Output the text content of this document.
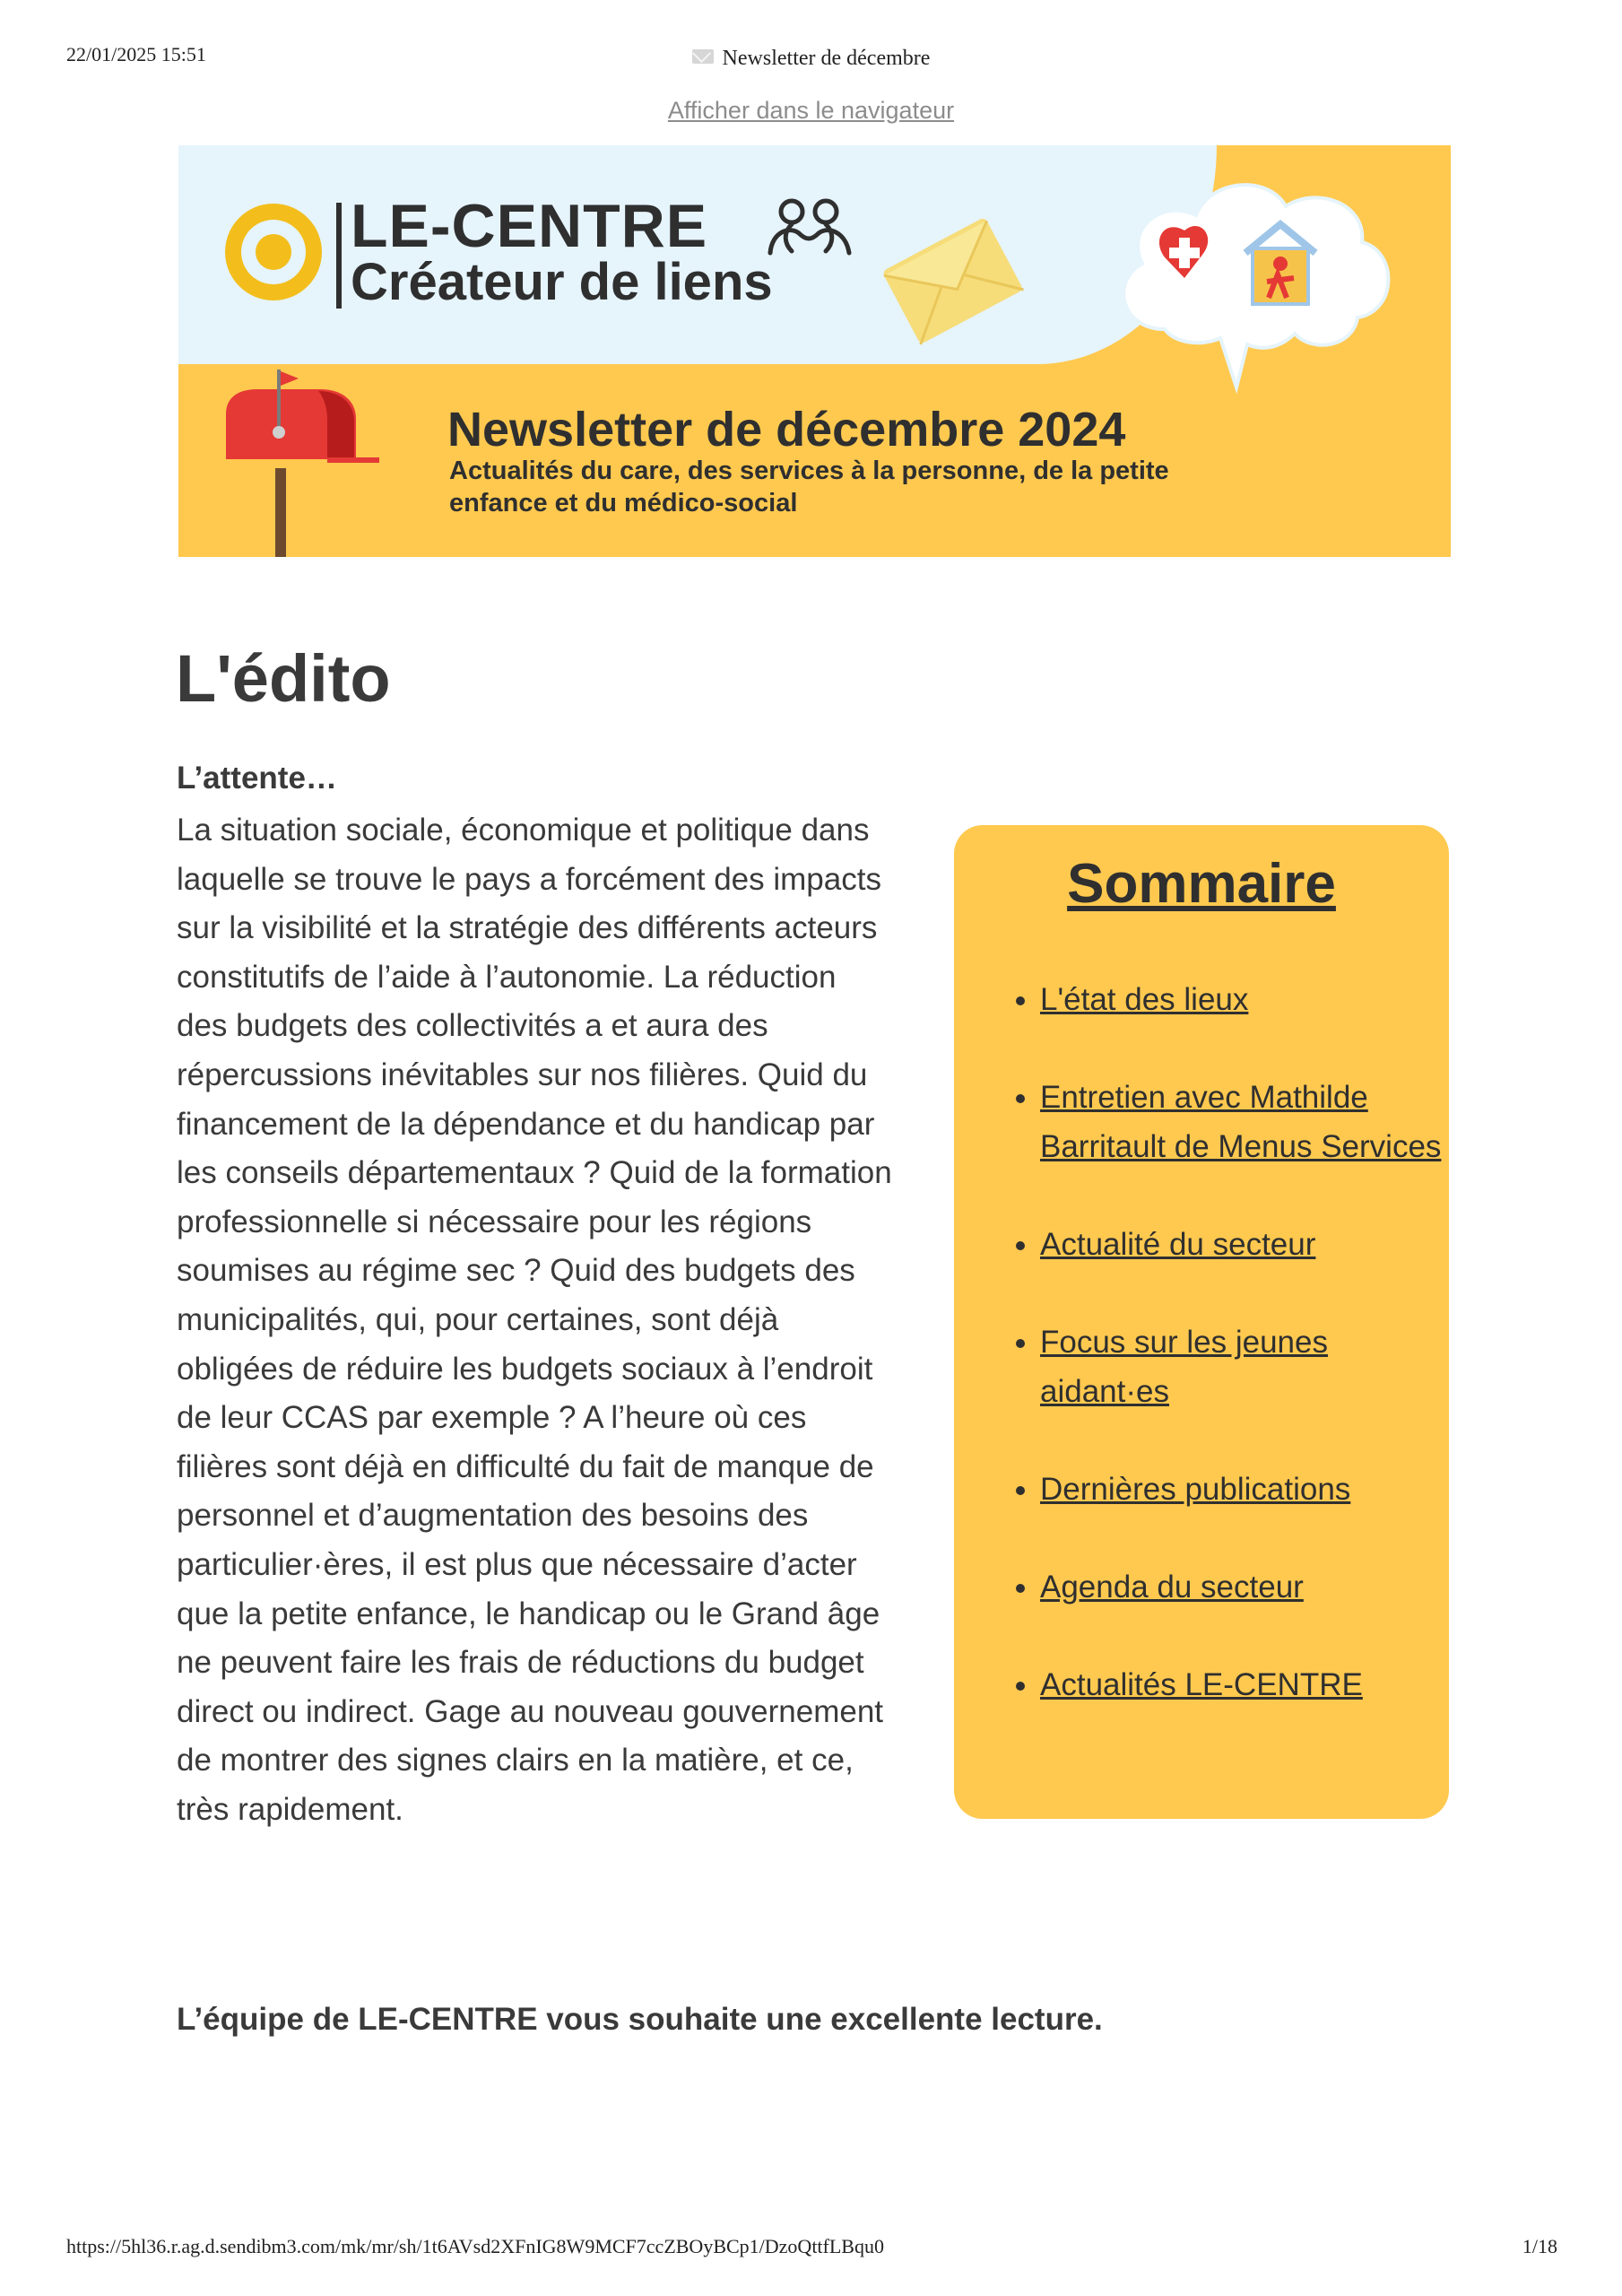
22/01/2025 15:51	Newsletter de décembre
Afficher dans le navigateur
LE-CENTRE
Créateur de liens
Newsletter de décembre 2024
Actualités du care, des services à la personne, de la petite enfance et du médico-social
L'édito
L’attente…
La situation sociale, économique et politique dans laquelle se trouve le pays a forcément des impacts sur la visibilité et la stratégie des différents acteurs constitutifs de l’aide à l’autonomie. La réduction des budgets des collectivités a et aura des répercussions inévitables sur nos filières. Quid du financement de la dépendance et du handicap par les conseils départementaux ? Quid de la formation professionnelle si nécessaire pour les régions soumises au régime sec ? Quid des budgets des municipalités, qui, pour certaines, sont déjà obligées de réduire les budgets sociaux à l’endroit de leur CCAS par exemple ? A l’heure où ces filières sont déjà en difficulté du fait de manque de personnel et d’augmentation des besoins des particulier·ères, il est plus que nécessaire d’acter que la petite enfance, le handicap ou le Grand âge ne peuvent faire les frais de réductions du budget direct ou indirect. Gage au nouveau gouvernement de montrer des signes clairs en la matière, et ce, très rapidement.
L’équipe de LE-CENTRE vous souhaite une excellente lecture.
Sommaire
• L'état des lieux
• Entretien avec Mathilde Barritault de Menus Services
• Actualité du secteur
• Focus sur les jeunes aidant·es
• Dernières publications
• Agenda du secteur
• Actualités LE-CENTRE
https://5hl36.r.ag.d.sendibm3.com/mk/mr/sh/1t6AVsd2XFnIG8W9MCF7ccZBOyBCp1/DzoQttfLBqu0	1/18
